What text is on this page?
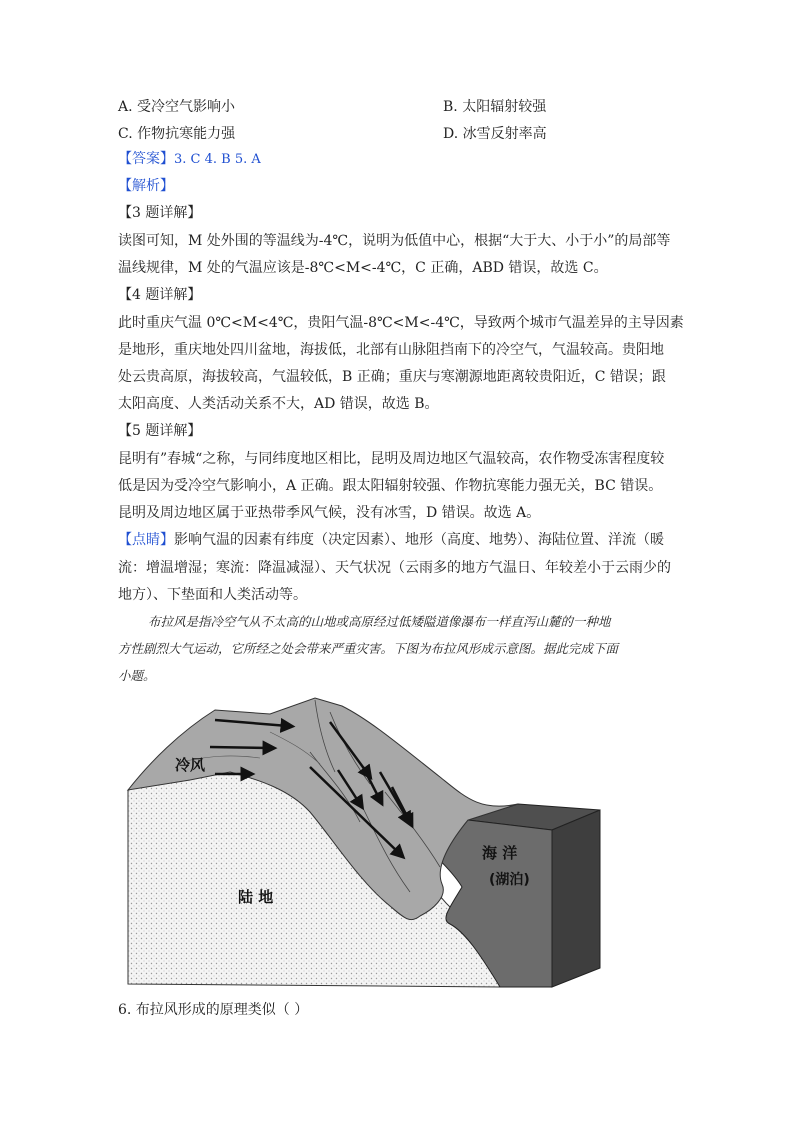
A. 受冷空气影响小	B. 太阳辐射较强
C. 作物抗寒能力强	D. 冰雪反射率高
【答案】3. C 4. B 5. A
【解析】
【3 题详解】
读图可知，M 处外围的等温线为-4℃，说明为低值中心，根据“大于大、小于小”的局部等
温线规律，M 处的气温应该是-8℃<M<-4℃，C 正确，ABD 错误，故选 C。
【4 题详解】
此时重庆气温 0℃<M<4℃，贵阳气温-8℃<M<-4℃，导致两个城市气温差异的主导因素
是地形，重庆地处四川盆地，海拔低，北部有山脉阻挡南下的冷空气，气温较高。贵阳地
处云贵高原，海拔较高，气温较低，B 正确；重庆与寒潮源地距离较贵阳近，C 错误；跟
太阳高度、人类活动关系不大，AD 错误，故选 B。
【5 题详解】
昆明有”春城“之称，与同纬度地区相比，昆明及周边地区气温较高，农作物受冻害程度较
低是因为受冷空气影响小，A 正确。跟太阳辐射较强、作物抗寒能力强无关，BC 错误。
昆明及周边地区属于亚热带季风气候，没有冰雪，D 错误。故选 A。
【点睛】影响气温的因素有纬度（决定因素）、地形（高度、地势）、海陆位置、洋流（暖
流：增温增湿；寒流：降温减湿）、天气状况（云雨多的地方气温日、年较差小于云雨少的
地方）、下垫面和人类活动等。
布拉风是指冷空气从不太高的山地或高原经过低矮隘道像瀑布一样直泻山麓的一种地
方性剧烈大气运动，它所经之处会带来严重灾害。下图为布拉风形成示意图。据此完成下面
小题。
冷风
陆 地
海 洋
(湖泊)
6. 布拉风形成的原理类似（ ）
